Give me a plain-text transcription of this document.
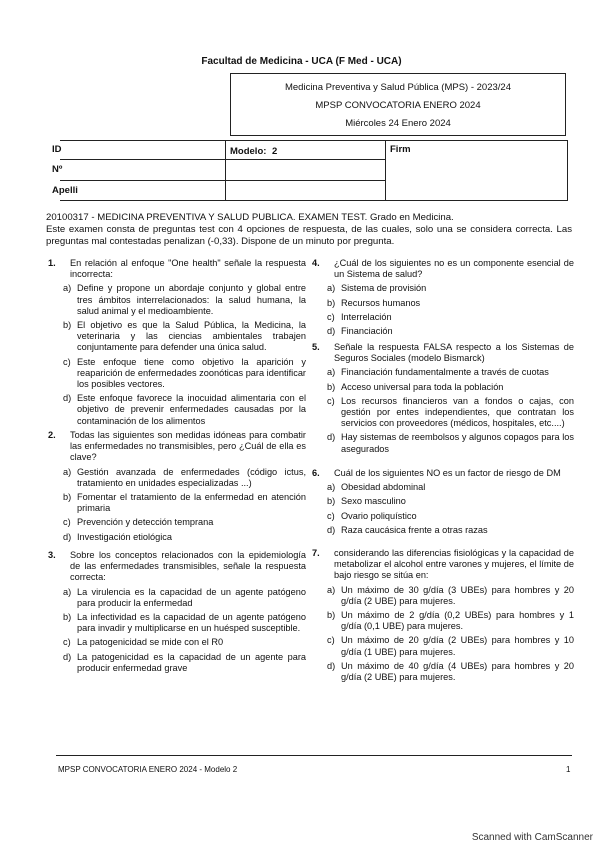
Facultad de Medicina - UCA (F Med - UCA)
Medicina Preventiva y Salud Pública (MPS) - 2023/24
MPSP CONVOCATORIA ENERO 2024
Miércoles 24 Enero 2024
ID
Nº
Apelli
Modelo: 2	Firm
20100317 - MEDICINA PREVENTIVA Y SALUD PUBLICA. EXAMEN TEST. Grado en Medicina.
Este examen consta de preguntas test con 4 opciones de respuesta, de las cuales, solo una se considera correcta. Las preguntas mal contestadas penalizan (-0,33). Dispone de un minuto por pregunta.
1. En relación al enfoque "One health" señale la respuesta incorrecta:
a) Define y propone un abordaje conjunto y global entre tres ámbitos interrelacionados: la salud humana, la salud animal y el medioambiente.
b) El objetivo es que la Salud Pública, la Medicina, la veterinaria y las ciencias ambientales trabajen conjuntamente para defender una única salud.
c) Este enfoque tiene como objetivo la aparición y reaparición de enfermedades zoonóticas para identificar los posibles vectores.
d) Este enfoque favorece la inocuidad alimentaria con el objetivo de prevenir enfermedades causadas por la contaminación de los alimentos
2. Todas las siguientes son medidas idóneas para combatir las enfermedades no transmisibles, pero ¿Cuál de ella es clave?
a) Gestión avanzada de enfermedades (código ictus, tratamiento en unidades especializadas ...)
b) Fomentar el tratamiento de la enfermedad en atención primaria
c) Prevención y detección temprana
d) Investigación etiológica
3. Sobre los conceptos relacionados con la epidemiología de las enfermedades transmisibles, señale la respuesta correcta:
a) La virulencia es la capacidad de un agente patógeno para producir la enfermedad
b) La infectividad es la capacidad de un agente patógeno para invadir y multiplicarse en un huésped susceptible.
c) La patogenicidad se mide con el R0
d) La patogenicidad es la capacidad de un agente para producir enfermedad grave
4. ¿Cuál de los siguientes no es un componente esencial de un Sistema de salud?
a) Sistema de provisión
b) Recursos humanos
c) Interrelación
d) Financiación
5. Señale la respuesta FALSA respecto a los Sistemas de Seguros Sociales (modelo Bismarck)
a) Financiación fundamentalmente a través de cuotas
b) Acceso universal para toda la población
c) Los recursos financieros van a fondos o cajas, con gestión por entes independientes, que contratan los servicios con proveedores (médicos, hospitales, etc....)
d) Hay sistemas de reembolsos y algunos copagos para los asegurados
6. Cuál de los siguientes NO es un factor de riesgo de DM
a) Obesidad abdominal
b) Sexo masculino
c) Ovario poliquístico
d) Raza caucásica frente a otras razas
7. considerando las diferencias fisiológicas y la capacidad de metabolizar el alcohol entre varones y mujeres, el límite de bajo riesgo se sitúa en:
a) Un máximo de 30 g/día (3 UBEs) para hombres y 20 g/día (2 UBE) para mujeres.
b) Un máximo de 2 g/día (0,2 UBEs) para hombres y 1 g/día (0,1 UBE) para mujeres.
c) Un máximo de 20 g/día (2 UBEs) para hombres y 10 g/día (1 UBE) para mujeres.
d) Un máximo de 40 g/día (4 UBEs) para hombres y 20 g/día (2 UBE) para mujeres.
MPSP CONVOCATORIA ENERO 2024 - Modelo 2	1
Scanned with CamScanner
